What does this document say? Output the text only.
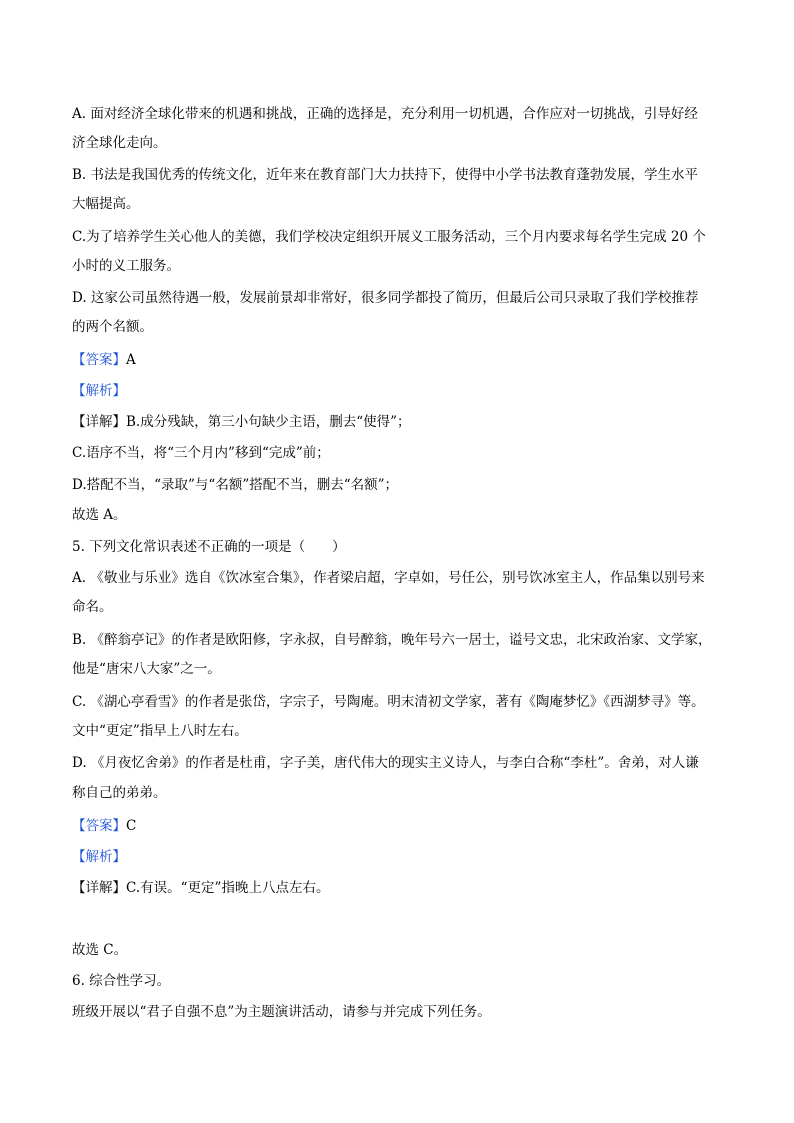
A. 面对经济全球化带来的机遇和挑战，正确的选择是，充分利用一切机遇，合作应对一切挑战，引导好经
济全球化走向。
B. 书法是我国优秀的传统文化，近年来在教育部门大力扶持下，使得中小学书法教育蓬勃发展，学生水平
大幅提高。
C.为了培养学生关心他人的美德，我们学校决定组织开展义工服务活动，三个月内要求每名学生完成 20 个
小时的义工服务。
D. 这家公司虽然待遇一般，发展前景却非常好，很多同学都投了简历，但最后公司只录取了我们学校推荐
的两个名额。
【答案】A
【解析】
【详解】B.成分残缺，第三小句缺少主语，删去“使得”；
C.语序不当，将“三个月内”移到“完成”前；
D.搭配不当，“录取”与“名额”搭配不当，删去“名额”；
故选 A。
5. 下列文化常识表述不正确的一项是（　　）
A. 《敬业与乐业》选自《饮冰室合集》，作者梁启超，字卓如，号任公，别号饮冰室主人，作品集以别号来
命名。
B. 《醉翁亭记》的作者是欧阳修，字永叔，自号醉翁，晚年号六一居士，谥号文忠，北宋政治家、文学家，
他是“唐宋八大家”之一。
C. 《湖心亭看雪》的作者是张岱，字宗子，号陶庵。明末清初文学家，著有《陶庵梦忆》《西湖梦寻》等。
文中“更定”指早上八时左右。
D. 《月夜忆舍弟》的作者是杜甫，字子美，唐代伟大的现实主义诗人，与李白合称“李杜”。舍弟，对人谦
称自己的弟弟。
【答案】C
【解析】
【详解】C.有误。“更定”指晚上八点左右。
故选 C。
6. 综合性学习。
班级开展以“君子自强不息”为主题演讲活动，请参与并完成下列任务。
